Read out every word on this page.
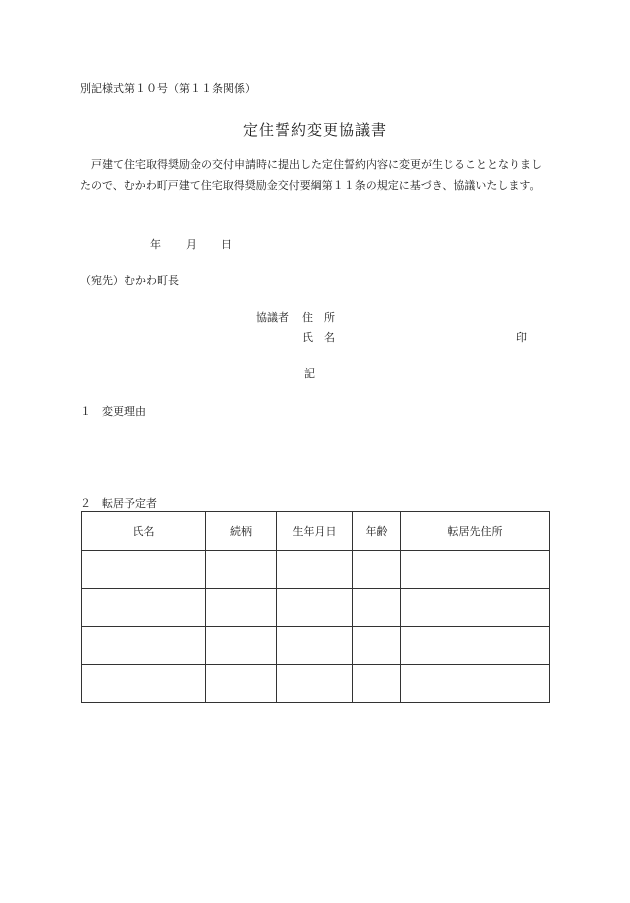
別記様式第１０号（第１１条関係）
定住誓約変更協議書
戸建て住宅取得奨励金の交付申請時に提出した定住誓約内容に変更が生じることとなりましたので、むかわ町戸建て住宅取得奨励金交付要綱第１１条の規定に基づき、協議いたします。
年 月 日
（宛先）むかわ町長
協議者 住　所
氏　名	印
記
１　変更理由
２　転居予定者
氏名	続柄	生年月日	年齢	転居先住所
